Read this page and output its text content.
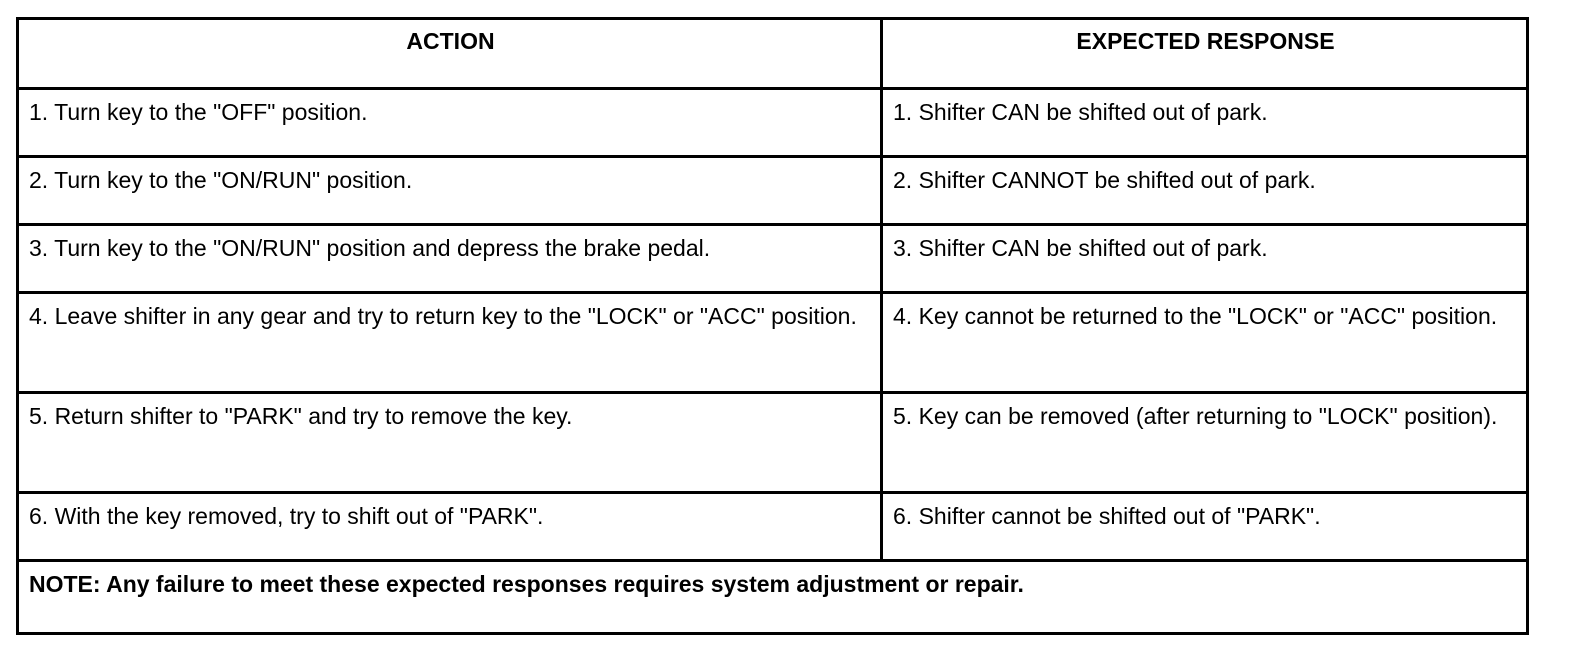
ACTION	EXPECTED RESPONSE
1. Turn key to the "OFF" position.	1. Shifter CAN be shifted out of park.
2. Turn key to the "ON/RUN" position.	2. Shifter CANNOT be shifted out of park.
3. Turn key to the "ON/RUN" position and depress the brake pedal.	3. Shifter CAN be shifted out of park.
4. Leave shifter in any gear and try to return key to the "LOCK" or "ACC" position.	4. Key cannot be returned to the "LOCK" or "ACC" position.
5. Return shifter to "PARK" and try to remove the key.	5. Key can be removed (after returning to "LOCK" position).
6. With the key removed, try to shift out of "PARK".	6. Shifter cannot be shifted out of "PARK".
NOTE: Any failure to meet these expected responses requires system adjustment or repair.	
